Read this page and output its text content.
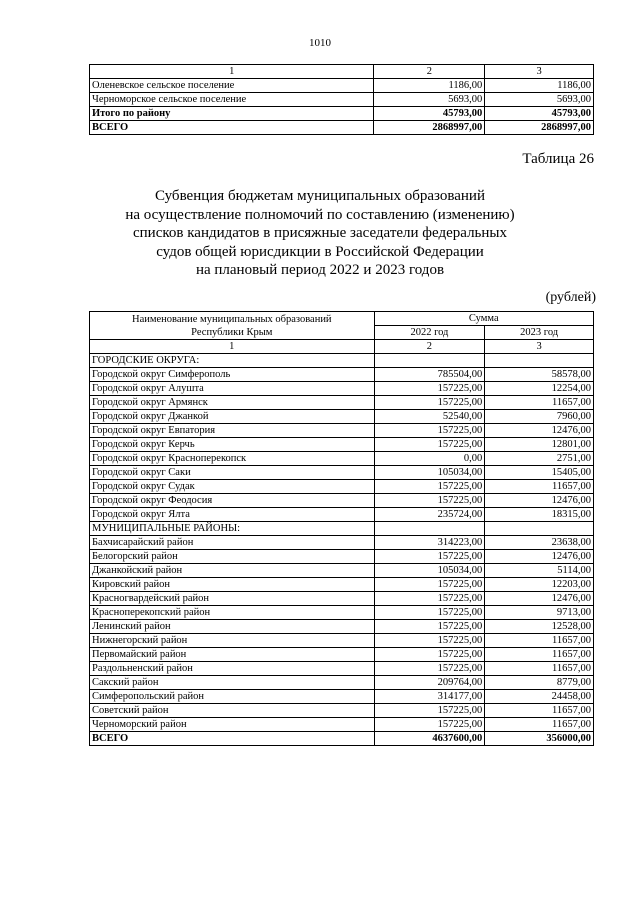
1010
1	2	3
Оленевское сельское поселение	1186,00	1186,00
Черноморское сельское поселение	5693,00	5693,00
Итого по району	45793,00	45793,00
ВСЕГО	2868997,00	2868997,00
Таблица 26
Субвенция бюджетам муниципальных образований
на осуществление полномочий по составлению (изменению)
списков кандидатов в присяжные заседатели федеральных
судов общей юрисдикции в Российской Федерации
на плановый период 2022 и 2023 годов
(рублей)
Наименование муниципальных образований
Республики Крым	Сумма	
	2022 год	2023 год
1	2	3
ГОРОДСКИЕ ОКРУГА:		
Городской округ Симферополь	785504,00	58578,00
Городской округ Алушта	157225,00	12254,00
Городской округ Армянск	157225,00	11657,00
Городской округ Джанкой	52540,00	7960,00
Городской округ Евпатория	157225,00	12476,00
Городской округ Керчь	157225,00	12801,00
Городской округ Красноперекопск	0,00	2751,00
Городской округ Саки	105034,00	15405,00
Городской округ Судак	157225,00	11657,00
Городской округ Феодосия	157225,00	12476,00
Городской округ Ялта	235724,00	18315,00
МУНИЦИПАЛЬНЫЕ РАЙОНЫ:		
Бахчисарайский район	314223,00	23638,00
Белогорский район	157225,00	12476,00
Джанкойский район	105034,00	5114,00
Кировский район	157225,00	12203,00
Красногвардейский район	157225,00	12476,00
Красноперекопский район	157225,00	9713,00
Ленинский район	157225,00	12528,00
Нижнегорский район	157225,00	11657,00
Первомайский район	157225,00	11657,00
Раздольненский район	157225,00	11657,00
Сакский район	209764,00	8779,00
Симферопольский район	314177,00	24458,00
Советский район	157225,00	11657,00
Черноморский район	157225,00	11657,00
ВСЕГО	4637600,00	356000,00
